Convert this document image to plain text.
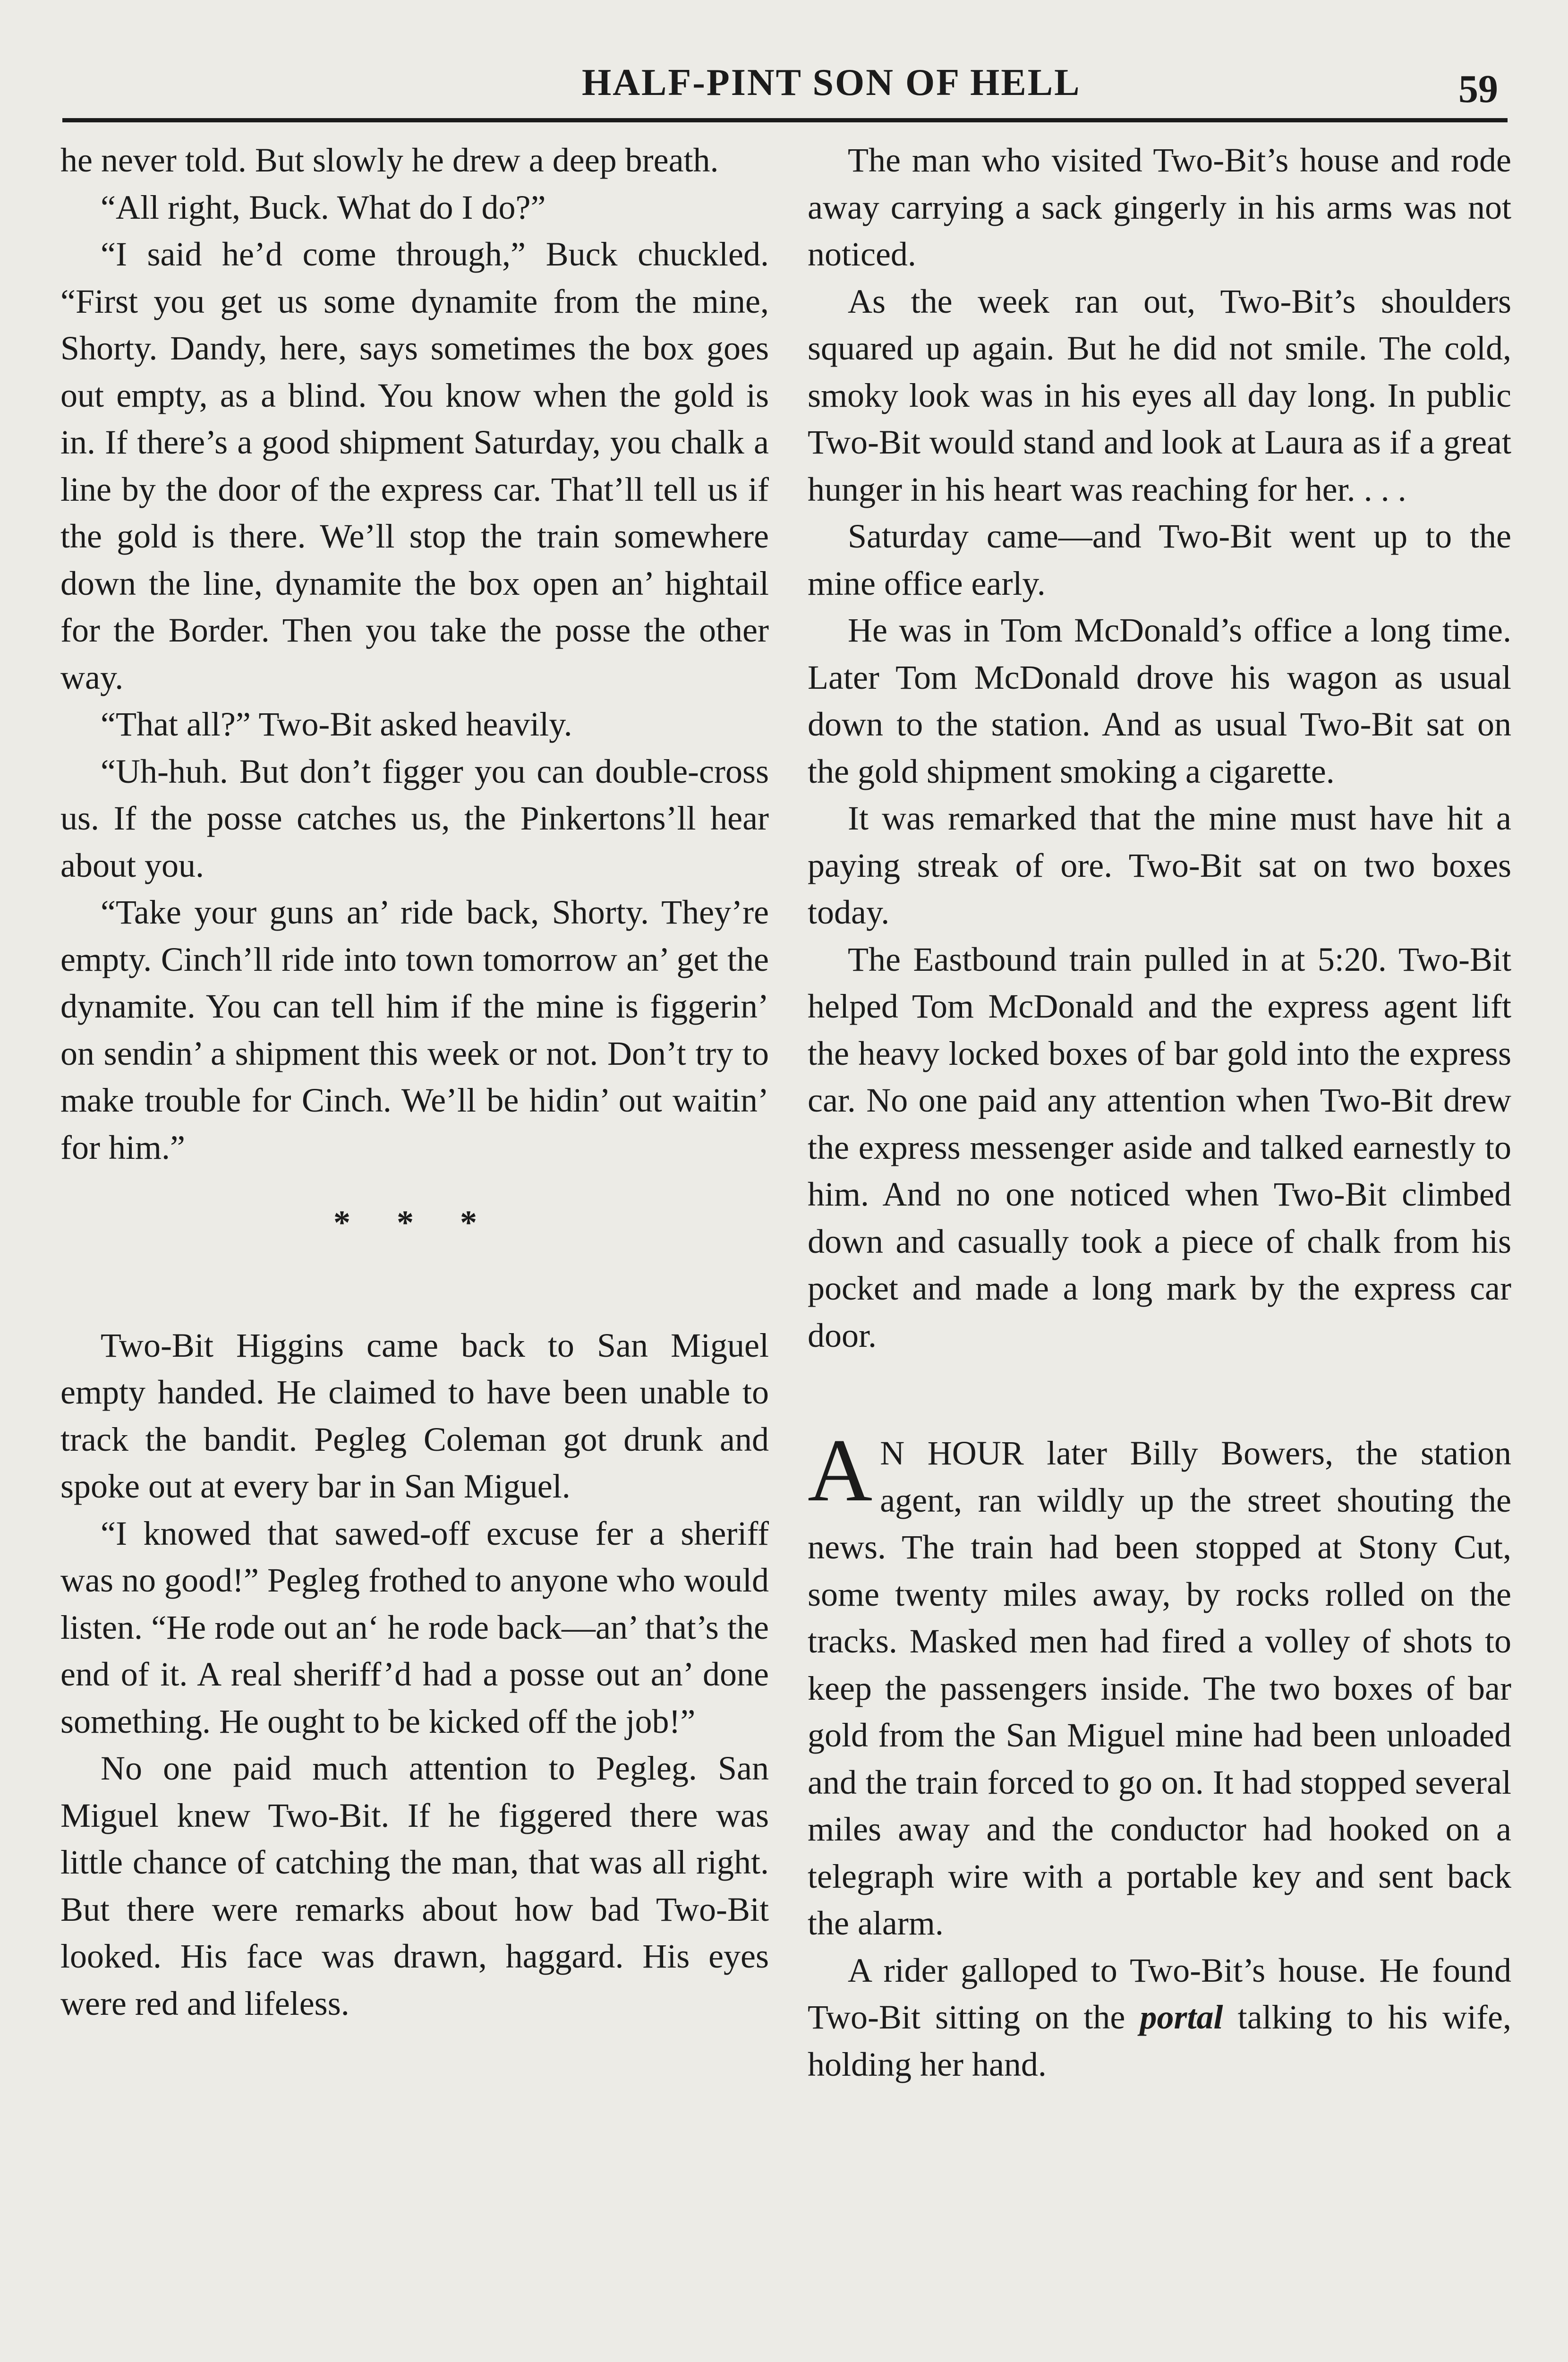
HALF-PINT SON OF HELL	59

he never told. But slowly he drew a deep breath.

“All right, Buck. What do I do?”

“I said he’d come through,” Buck chuckled. “First you get us some dynamite from the mine, Shorty. Dandy, here, says sometimes the box goes out empty, as a blind. You know when the gold is in. If there’s a good shipment Saturday, you chalk a line by the door of the express car. That’ll tell us if the gold is there. We’ll stop the train somewhere down the line, dynamite the box open an’ hightail for the Border. Then you take the posse the other way.

“That all?” Two-Bit asked heavily.

“Uh-huh. But don’t figger you can double-cross us. If the posse catches us, the Pinkertons’ll hear about you.

“Take your guns an’ ride back, Shorty. They’re empty. Cinch’ll ride into town tomorrow an’ get the dynamite. You can tell him if the mine is figgerin’ on sendin’ a shipment this week or not. Don’t try to make trouble for Cinch. We’ll be hidin’ out waitin’ for him.”

* * *

Two-Bit Higgins came back to San Miguel empty handed. He claimed to have been unable to track the bandit. Pegleg Coleman got drunk and spoke out at every bar in San Miguel.

“I knowed that sawed-off excuse fer a sheriff was no good!” Pegleg frothed to anyone who would listen. “He rode out an‘ he rode back—an’ that’s the end of it. A real sheriff’d had a posse out an’ done something. He ought to be kicked off the job!”

No one paid much attention to Pegleg. San Miguel knew Two-Bit. If he figgered there was little chance of catching the man, that was all right. But there were remarks about how bad Two-Bit looked. His face was drawn, haggard. His eyes were red and lifeless.

The man who visited Two-Bit’s house and rode away carrying a sack gingerly in his arms was not noticed.

As the week ran out, Two-Bit’s shoulders squared up again. But he did not smile. The cold, smoky look was in his eyes all day long. In public Two-Bit would stand and look at Laura as if a great hunger in his heart was reaching for her. . . .

Saturday came—and Two-Bit went up to the mine office early.

He was in Tom McDonald’s office a long time. Later Tom McDonald drove his wagon as usual down to the station. And as usual Two-Bit sat on the gold shipment smoking a cigarette.

It was remarked that the mine must have hit a paying streak of ore. Two-Bit sat on two boxes today.

The Eastbound train pulled in at 5:20. Two-Bit helped Tom McDonald and the express agent lift the heavy locked boxes of bar gold into the express car. No one paid any attention when Two-Bit drew the express messenger aside and talked earnestly to him. And no one noticed when Two-Bit climbed down and casually took a piece of chalk from his pocket and made a long mark by the express car door.

A N HOUR later Billy Bowers, the station agent, ran wildly up the street shouting the news. The train had been stopped at Stony Cut, some twenty miles away, by rocks rolled on the tracks. Masked men had fired a volley of shots to keep the passengers inside. The two boxes of bar gold from the San Miguel mine had been unloaded and the train forced to go on. It had stopped several miles away and the conductor had hooked on a telegraph wire with a portable key and sent back the alarm.

A rider galloped to Two-Bit’s house. He found Two-Bit sitting on the portal talking to his wife, holding her hand.
